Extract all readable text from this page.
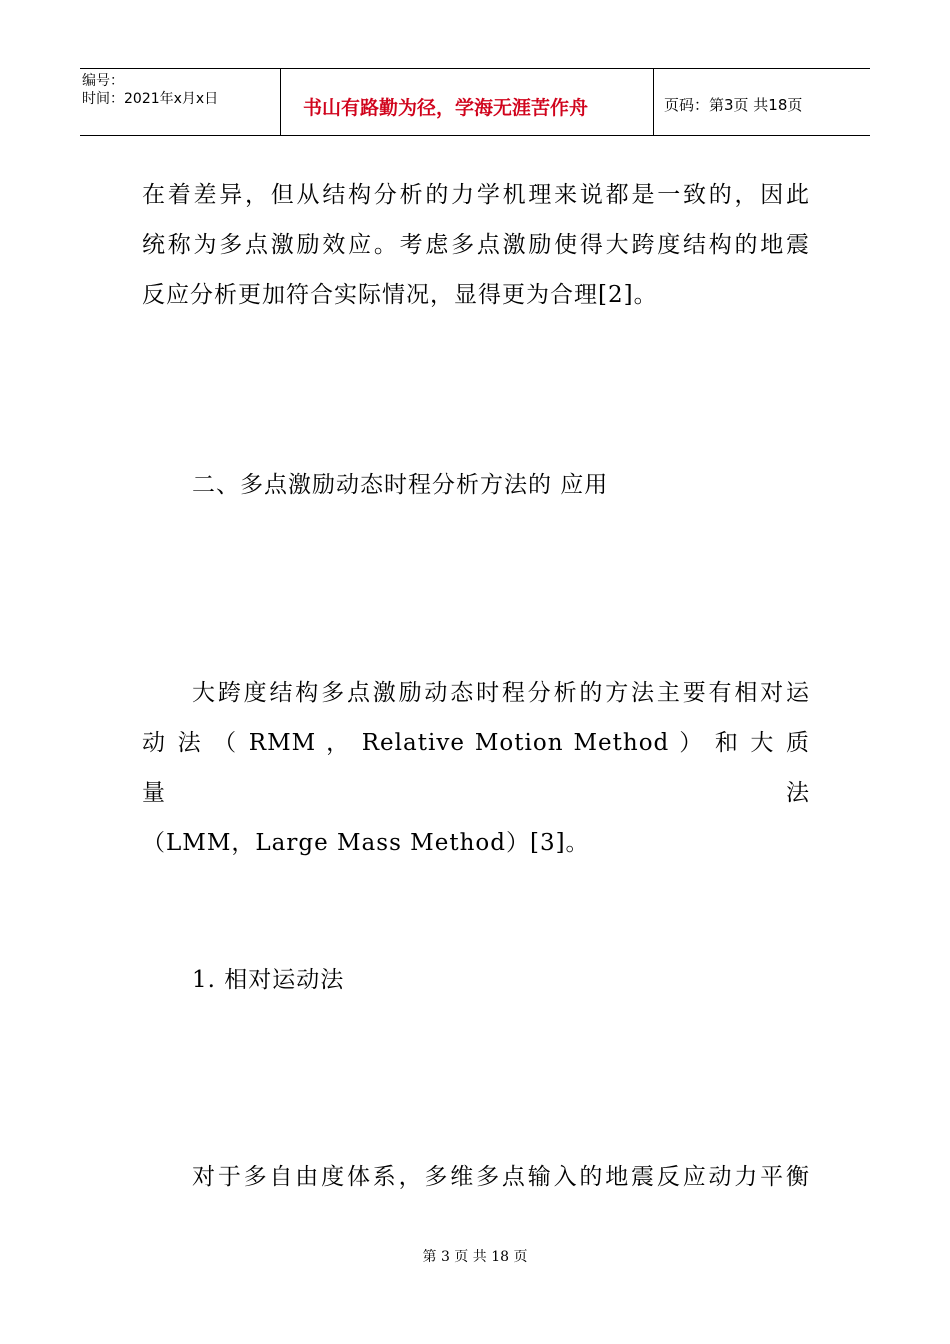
编号：
时间：2021年x月x日	书山有路勤为径，学海无涯苦作舟	页码：第3页 共18页
在着差异，但从结构分析的力学机理来说都是一致的，因此
统称为多点激励效应。考虑多点激励使得大跨度结构的地震
反应分析更加符合实际情况，显得更为合理[2]。
二、多点激励动态时程分析方法的 应用
大跨度结构多点激励动态时程分析的方法主要有相对运
动 法 （ RMM ， Relative Motion Method ） 和 大 质 量 法
（LMM，Large Mass Method）[3]。
1. 相对运动法
对于多自由度体系，多维多点输入的地震反应动力平衡
第 3 页 共 18 页
